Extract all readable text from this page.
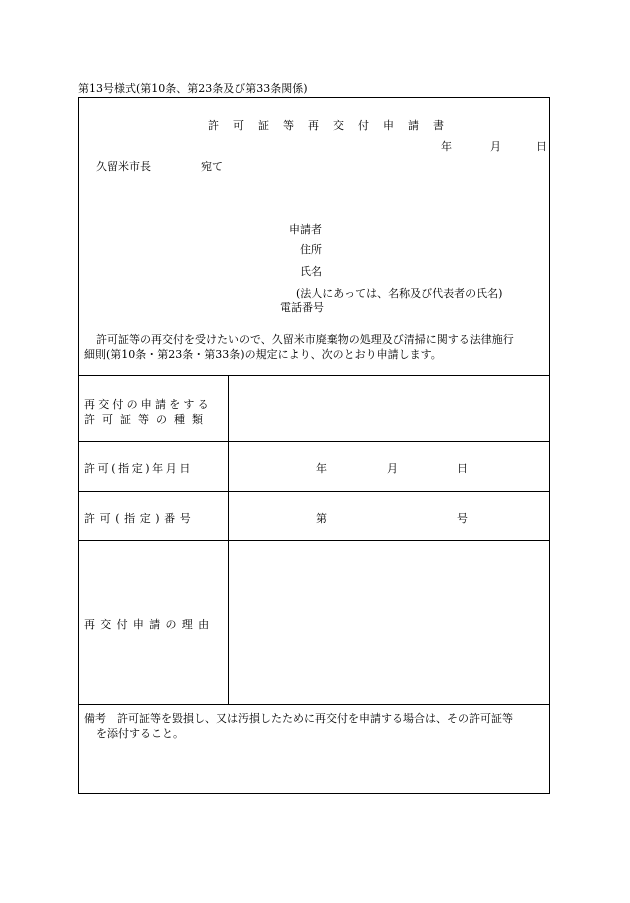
第13号様式(第10条、第23条及び第33条関係)
許可証等再交付申請書
年	月	日
久留米市長	宛て
申請者
住所
氏名
(法人にあっては、名称及び代表者の氏名)
電話番号
許可証等の再交付を受けたいので、久留米市廃棄物の処理及び清掃に関する法律施行
細則(第10条・第23条・第33条)の規定により、次のとおり申請します。
再交付の申請をする
許可証等の種類
許可(指定)年月日	年	月	日
許可(指定)番号	第	号
再交付申請の理由
備考　許可証等を毀損し、又は汚損したために再交付を申請する場合は、その許可証等
を添付すること。
